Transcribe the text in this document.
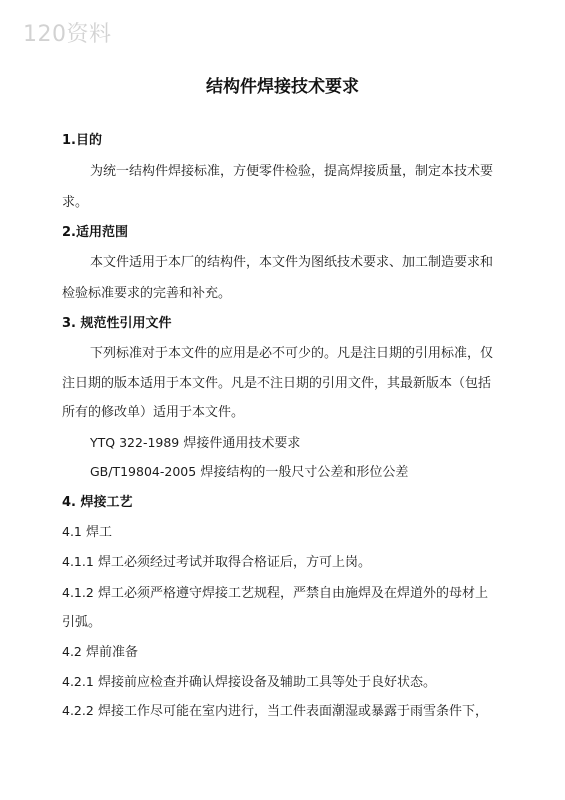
120资料
结构件焊接技术要求
1.目的
为统一结构件焊接标准，方便零件检验，提高焊接质量，制定本技术要
求。
2.适用范围
本文件适用于本厂的结构件，本文件为图纸技术要求、加工制造要求和
检验标准要求的完善和补充。
3. 规范性引用文件
下列标准对于本文件的应用是必不可少的。凡是注日期的引用标准，仅
注日期的版本适用于本文件。凡是不注日期的引用文件，其最新版本（包括
所有的修改单）适用于本文件。
YTQ 322-1989 焊接件通用技术要求
GB/T19804-2005 焊接结构的一般尺寸公差和形位公差
4. 焊接工艺
4.1 焊工
4.1.1 焊工必须经过考试并取得合格证后，方可上岗。
4.1.2 焊工必须严格遵守焊接工艺规程，严禁自由施焊及在焊道外的母材上
引弧。
4.2 焊前准备
4.2.1 焊接前应检查并确认焊接设备及辅助工具等处于良好状态。
4.2.2 焊接工作尽可能在室内进行，当工件表面潮湿或暴露于雨雪条件下，
